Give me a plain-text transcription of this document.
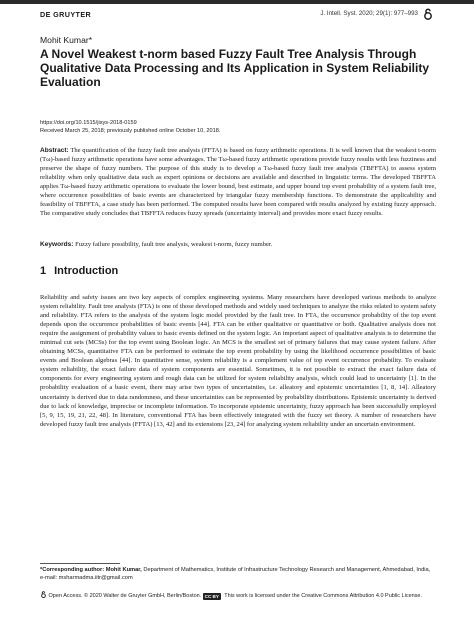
DE GRUYTER	J. Intell. Syst. 2020; 29(1): 977–993
Mohit Kumar*
A Novel Weakest t-norm based Fuzzy Fault Tree Analysis Through Qualitative Data Processing and Its Application in System Reliability Evaluation
https://doi.org/10.1515/jisys-2018-0159
Received March 25, 2018; previously published online October 10, 2018.
Abstract: The quantification of the fuzzy fault tree analysis (FFTA) is based on fuzzy arithmetic operations. It is well known that the weakest t-norm (Tω)-based fuzzy arithmetic operations have some advantages. The Tω-based fuzzy arithmetic operations provide fuzzy results with less fuzziness and preserve the shape of fuzzy numbers. The purpose of this study is to develop a Tω-based fuzzy fault tree analysis (TBFFTA) to assess system reliability when only qualitative data such as expert opinions or decisions are available and described in linguistic terms. The developed TBFFTA applies Tω-based fuzzy arithmetic operations to evaluate the lower bound, best estimate, and upper bound top event probability of a system fault tree, where occurrence possibilities of basic events are characterized by triangular fuzzy membership functions. To demonstrate the applicability and feasibility of TBFFTA, a case study has been performed. The computed results have been compared with results analyzed by existing fuzzy approach. The comparative study concludes that TBFFTA reduces fuzzy spreads (uncertainty interval) and provides more exact fuzzy results.
Keywords: Fuzzy failure possibility, fault tree analysis, weakest t-norm, fuzzy number.
1 Introduction

Reliability and safety issues are two key aspects of complex engineering systems. Many researchers have developed various methods to analyze system reliability. Fault tree analysis (FTA) is one of those developed methods and widely used techniques to analyze the risks related to system safety and reliability. FTA refers to the analysis of the system logic model provided by the fault tree. In FTA, the occurrence probability of the top event depends upon the occurrence probabilities of basic events [44]. FTA can be either qualitative or quantitative or both. Qualitative analysis does not require the assignment of probability values to basic events defined on the system logic. An important aspect of qualitative analysis is to determine the minimal cut sets (MCSs) for the top event using Boolean logic. An MCS is the smallest set of primary failures that may cause system failure. After obtaining MCSs, quantitative FTA can be performed to estimate the top event probability by using the likelihood occurrence possibilities of basic events and Boolean algebras [44]. In quantitative sense, system reliability is a complement value of top event occurrence probability. To evaluate system reliability, the exact failure data of system components are essential. Sometimes, it is not possible to extract the exact failure data of components for every engineering system and rough data can be utilized for system reliability analysis, which could lead to uncertainty [1]. In the probability evaluation of a basic event, there may arise two types of uncertainties, i.e. alleatory and epistemic uncertainties [1, 8, 14]. Alleatory uncertainty is derived due to data randomness, and these uncertainties can be represented by probability distributions. Epistemic uncertainty is derived due to lack of knowledge, imprecise or incomplete information. To incorporate epistemic uncertainty, fuzzy approach has been successfully employed [5, 9, 15, 19, 21, 22, 48]. In literature, conventional FTA has been effectively integrated with the fuzzy set theory. A number of researchers have developed fuzzy fault tree analysis (FFTA) [13, 42] and its extensions [23, 24] for analyzing system reliability under an uncertain environment.

*Corresponding author: Mohit Kumar, Department of Mathematics, Institute of Infrastructure Technology Research and Management, Ahmedabad, India, e-mail: msharmadma.iitr@gmail.com
Open Access. © 2020 Walter de Gruyter GmbH, Berlin/Boston. CC BY This work is licensed under the Creative Commons Attribution 4.0 Public License.
